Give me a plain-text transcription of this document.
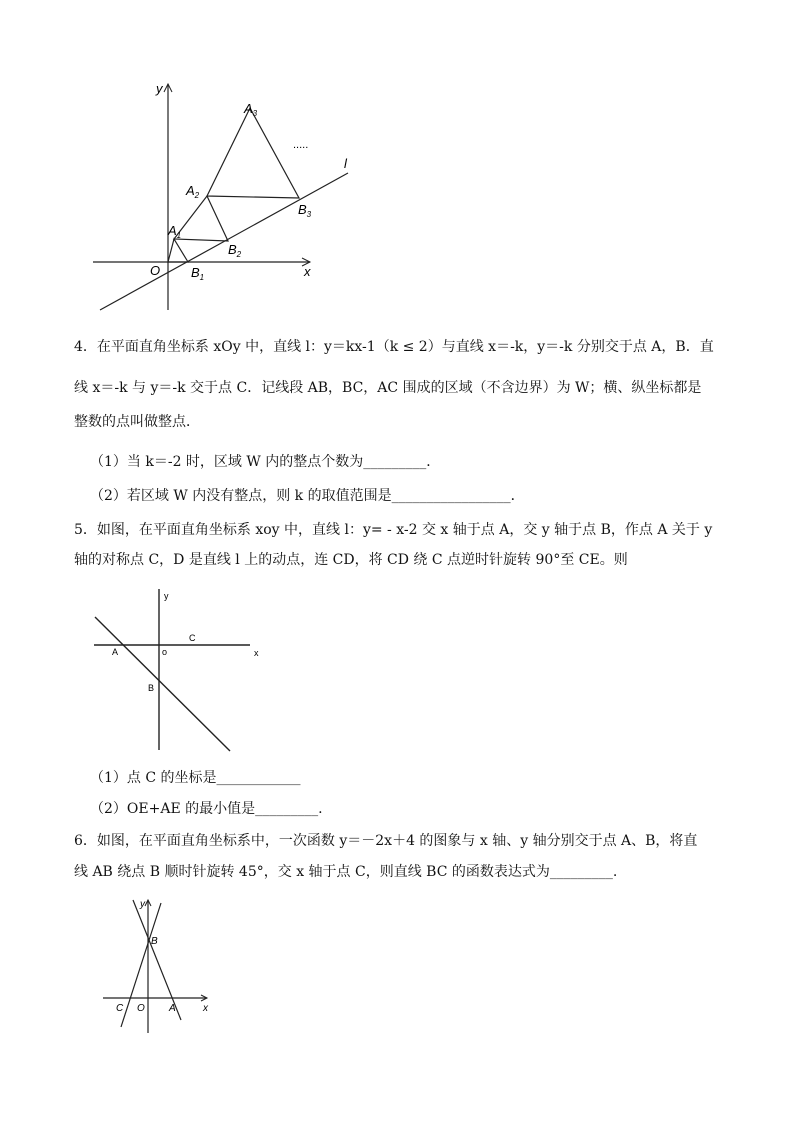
y
x
O
l
.....
$A_1$
$A_2$
$A_3$
$B_1$
$B_2$
$B_3$
4．在平面直角坐标系 xOy 中，直线 l：y＝kx-1（k ≤ 2）与直线 x＝-k，y＝-k 分别交于点 A，B．直
线 x＝-k 与 y＝-k 交于点 C．记线段 AB，BC，AC 围成的区域（不含边界）为 W；横、纵坐标都是
整数的点叫做整点．
（1）当 k＝-2 时，区域 W 内的整点个数为_________．
（2）若区域 W 内没有整点，则 k 的取值范围是_________________．
5．如图，在平面直角坐标系 xoy 中，直线 l：y= - x-2 交 x 轴于点 A，交 y 轴于点 B，作点 A 关于 y
轴的对称点 C，D 是直线 l 上的动点，连 CD，将 CD 绕 C 点逆时针旋转 90°至 CE。则
y
x
o
A
B
C
（1）点 C 的坐标是____________
（2）OE+AE 的最小值是_________.
6．如图，在平面直角坐标系中，一次函数 y＝－2x＋4 的图象与 x 轴、y 轴分别交于点 A、B，将直
线 AB 绕点 B 顺时针旋转 45°，交 x 轴于点 C，则直线 BC 的函数表达式为_________.
y
x
O A
B
C
